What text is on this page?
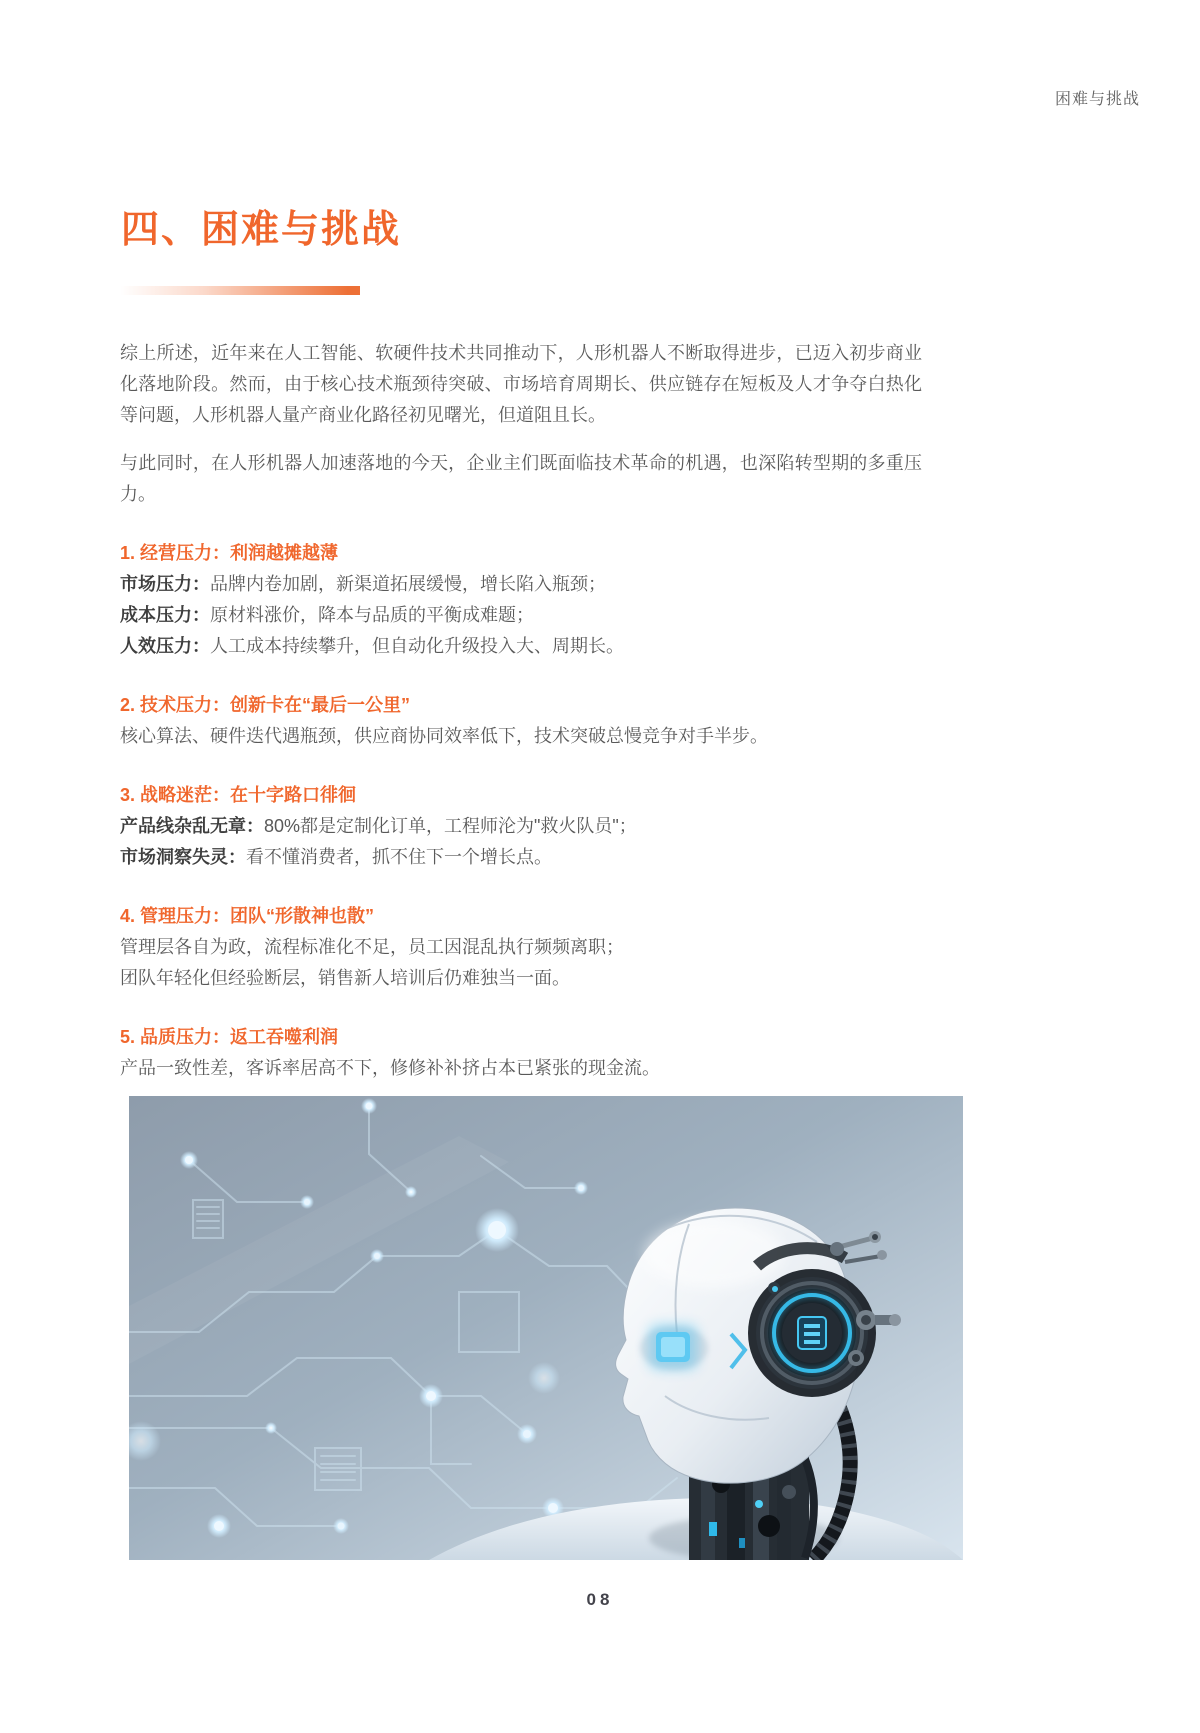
困难与挑战
四、困难与挑战

综上所述，近年来在人工智能、软硬件技术共同推动下，人形机器人不断取得进步，已迈入初步商业化落地阶段。然而，由于核心技术瓶颈待突破、市场培育周期长、供应链存在短板及人才争夺白热化等问题，人形机器人量产商业化路径初见曙光，但道阻且长。

与此同时，在人形机器人加速落地的今天，企业主们既面临技术革命的机遇，也深陷转型期的多重压力。

1. 经营压力：利润越摊越薄
市场压力：品牌内卷加剧，新渠道拓展缓慢，增长陷入瓶颈；
成本压力：原材料涨价，降本与品质的平衡成难题；
人效压力：人工成本持续攀升，但自动化升级投入大、周期长。
2. 技术压力：创新卡在“最后一公里”
核心算法、硬件迭代遇瓶颈，供应商协同效率低下，技术突破总慢竞争对手半步。
3. 战略迷茫：在十字路口徘徊
产品线杂乱无章：80%都是定制化订单，工程师沦为"救火队员"；
市场洞察失灵：看不懂消费者，抓不住下一个增长点。
4. 管理压力：团队“形散神也散”
管理层各自为政，流程标准化不足，员工因混乱执行频频离职；
团队年轻化但经验断层，销售新人培训后仍难独当一面。
5. 品质压力：返工吞噬利润
产品一致性差，客诉率居高不下，修修补补挤占本已紧张的现金流。
08
